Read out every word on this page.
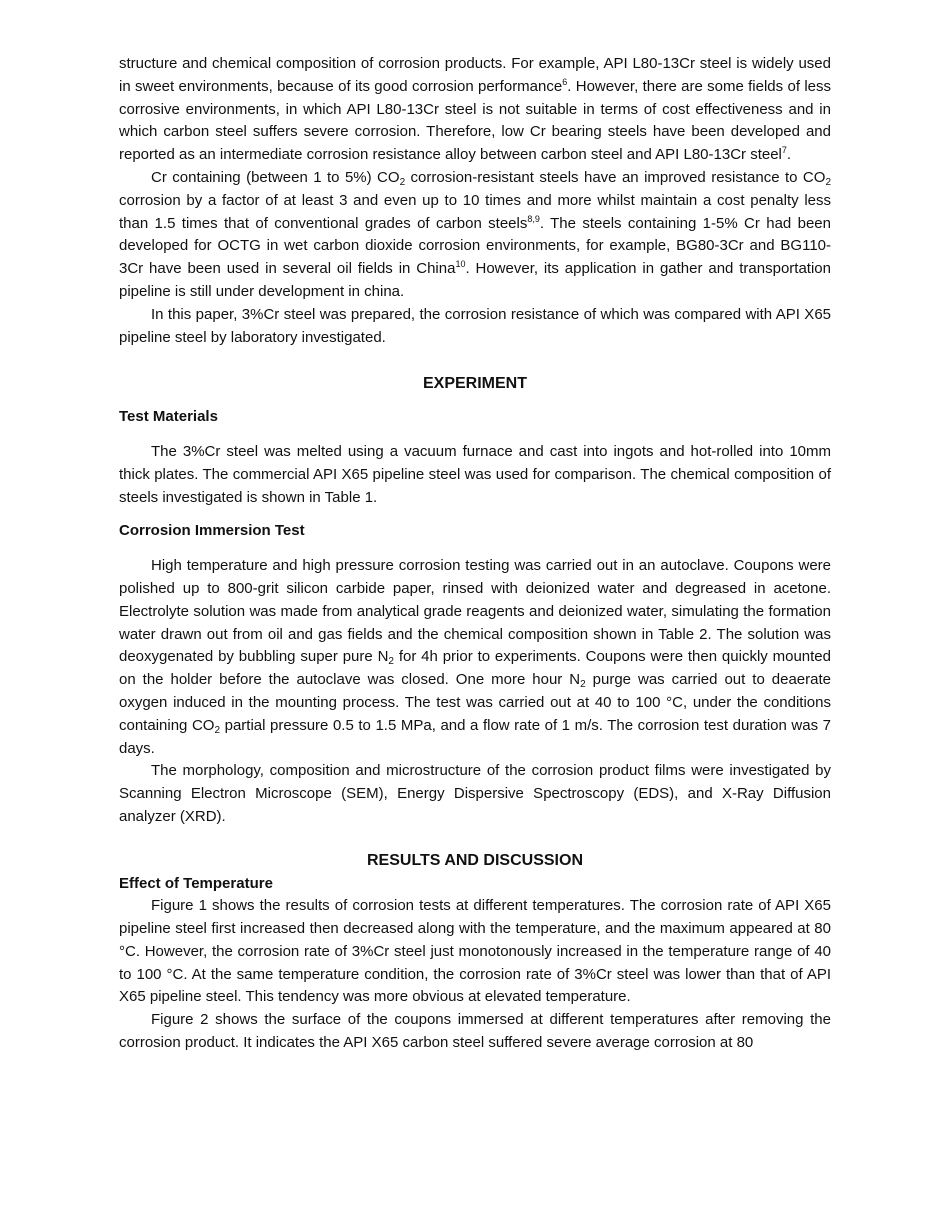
structure and chemical composition of corrosion products. For example, API L80-13Cr steel is widely used in sweet environments, because of its good corrosion performance$^6$. However, there are some fields of less corrosive environments, in which API L80-13Cr steel is not suitable in terms of cost effectiveness and in which carbon steel suffers severe corrosion. Therefore, low Cr bearing steels have been developed and reported as an intermediate corrosion resistance alloy between carbon steel and API L80-13Cr steel$^7$.

Cr containing (between 1 to 5%) $CO_2$ corrosion-resistant steels have an improved resistance to $CO_2$ corrosion by a factor of at least 3 and even up to 10 times and more whilst maintain a cost penalty less than 1.5 times that of conventional grades of carbon steels$^{8,9}$. The steels containing 1-5% Cr had been developed for OCTG in wet carbon dioxide corrosion environments, for example, BG80-3Cr and BG110-3Cr have been used in several oil fields in China$^{10}$. However, its application in gather and transportation pipeline is still under development in china.

In this paper, 3%Cr steel was prepared, the corrosion resistance of which was compared with API X65 pipeline steel by laboratory investigated.

EXPERIMENT

Test Materials

The 3%Cr steel was melted using a vacuum furnace and cast into ingots and hot-rolled into 10mm thick plates. The commercial API X65 pipeline steel was used for comparison. The chemical composition of steels investigated is shown in Table 1.

Corrosion Immersion Test

High temperature and high pressure corrosion testing was carried out in an autoclave. Coupons were polished up to 800-grit silicon carbide paper, rinsed with deionized water and degreased in acetone. Electrolyte solution was made from analytical grade reagents and deionized water, simulating the formation water drawn out from oil and gas fields and the chemical composition shown in Table 2. The solution was deoxygenated by bubbling super pure $N_2$ for 4h prior to experiments. Coupons were then quickly mounted on the holder before the autoclave was closed. One more hour $N_2$ purge was carried out to deaerate oxygen induced in the mounting process. The test was carried out at 40 to 100 °C, under the conditions containing $CO_2$ partial pressure 0.5 to 1.5 MPa, and a flow rate of 1 m/s. The corrosion test duration was 7 days.

The morphology, composition and microstructure of the corrosion product films were investigated by Scanning Electron Microscope (SEM), Energy Dispersive Spectroscopy (EDS), and X-Ray Diffusion analyzer (XRD).

RESULTS AND DISCUSSION

Effect of Temperature

Figure 1 shows the results of corrosion tests at different temperatures. The corrosion rate of API X65 pipeline steel first increased then decreased along with the temperature, and the maximum appeared at 80 °C. However, the corrosion rate of 3%Cr steel just monotonously increased in the temperature range of 40 to 100 °C. At the same temperature condition, the corrosion rate of 3%Cr steel was lower than that of API X65 pipeline steel. This tendency was more obvious at elevated temperature.

Figure 2 shows the surface of the coupons immersed at different temperatures after removing the corrosion product. It indicates the API X65 carbon steel suffered severe average corrosion at 80
